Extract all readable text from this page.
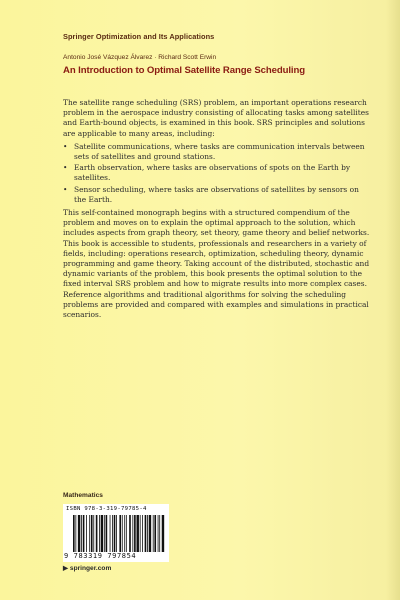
Springer Optimization and Its Applications
Antonio José Vázquez Álvarez · Richard Scott Erwin
An Introduction to Optimal Satellite Range Scheduling

The satellite range scheduling (SRS) problem, an important operations research problem in the aerospace industry consisting of allocating tasks among satellites and Earth-bound objects, is examined in this book. SRS principles and solutions are applicable to many areas, including:

• Satellite communications, where tasks are communication intervals between sets of satellites and ground stations.
• Earth observation, where tasks are observations of spots on the Earth by satellites.
• Sensor scheduling, where tasks are observations of satellites by sensors on the Earth.

This self-contained monograph begins with a structured compendium of the problem and moves on to explain the optimal approach to the solution, which includes aspects from graph theory, set theory, game theory and belief networks. This book is accessible to students, professionals and researchers in a variety of fields, including: operations research, optimization, scheduling theory, dynamic programming and game theory. Taking account of the distributed, stochastic and dynamic variants of the problem, this book presents the optimal solution to the fixed interval SRS problem and how to migrate results into more complex cases. Reference algorithms and traditional algorithms for solving the scheduling problems are provided and compared with examples and simulations in practical scenarios.

Mathematics
ISBN 978-3-319-79785-4
9 783319 797854
▶ springer.com
